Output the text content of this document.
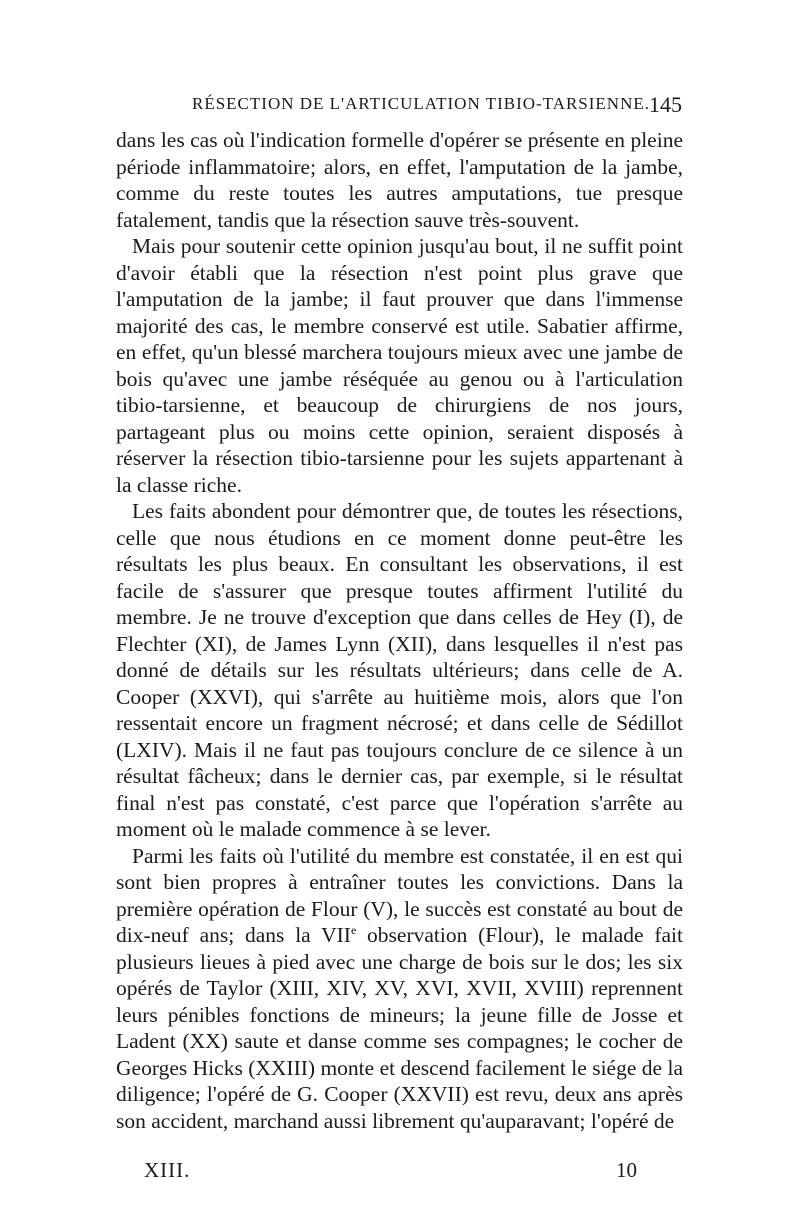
RÉSECTION DE L'ARTICULATION TIBIO-TARSIENNE. 145

dans les cas où l'indication formelle d'opérer se présente en pleine période inflammatoire; alors, en effet, l'amputation de la jambe, comme du reste toutes les autres amputations, tue presque fatalement, tandis que la résection sauve très-souvent.

Mais pour soutenir cette opinion jusqu'au bout, il ne suffit point d'avoir établi que la résection n'est point plus grave que l'amputation de la jambe; il faut prouver que dans l'immense majorité des cas, le membre conservé est utile. Sabatier affirme, en effet, qu'un blessé marchera toujours mieux avec une jambe de bois qu'avec une jambe réséquée au genou ou à l'articulation tibio-tarsienne, et beaucoup de chirurgiens de nos jours, partageant plus ou moins cette opinion, seraient disposés à réserver la résection tibio-tarsienne pour les sujets appartenant à la classe riche.

Les faits abondent pour démontrer que, de toutes les résections, celle que nous étudions en ce moment donne peut-être les résultats les plus beaux. En consultant les observations, il est facile de s'assurer que presque toutes affirment l'utilité du membre. Je ne trouve d'exception que dans celles de Hey (I), de Flechter (XI), de James Lynn (XII), dans lesquelles il n'est pas donné de détails sur les résultats ultérieurs; dans celle de A. Cooper (XXVI), qui s'arrête au huitième mois, alors que l'on ressentait encore un fragment nécrosé; et dans celle de Sédillot (LXIV). Mais il ne faut pas toujours conclure de ce silence à un résultat fâcheux; dans le dernier cas, par exemple, si le résultat final n'est pas constaté, c'est parce que l'opération s'arrête au moment où le malade commence à se lever.

Parmi les faits où l'utilité du membre est constatée, il en est qui sont bien propres à entraîner toutes les convictions. Dans la première opération de Flour (V), le succès est constaté au bout de dix-neuf ans; dans la VIIe observation (Flour), le malade fait plusieurs lieues à pied avec une charge de bois sur le dos; les six opérés de Taylor (XIII, XIV, XV, XVI, XVII, XVIII) reprennent leurs pénibles fonctions de mineurs; la jeune fille de Josse et Ladent (XX) saute et danse comme ses compagnes; le cocher de Georges Hicks (XXIII) monte et descend facilement le siége de la diligence; l'opéré de G. Cooper (XXVII) est revu, deux ans après son accident, marchand aussi librement qu'auparavant; l'opéré de

XIII.	10
